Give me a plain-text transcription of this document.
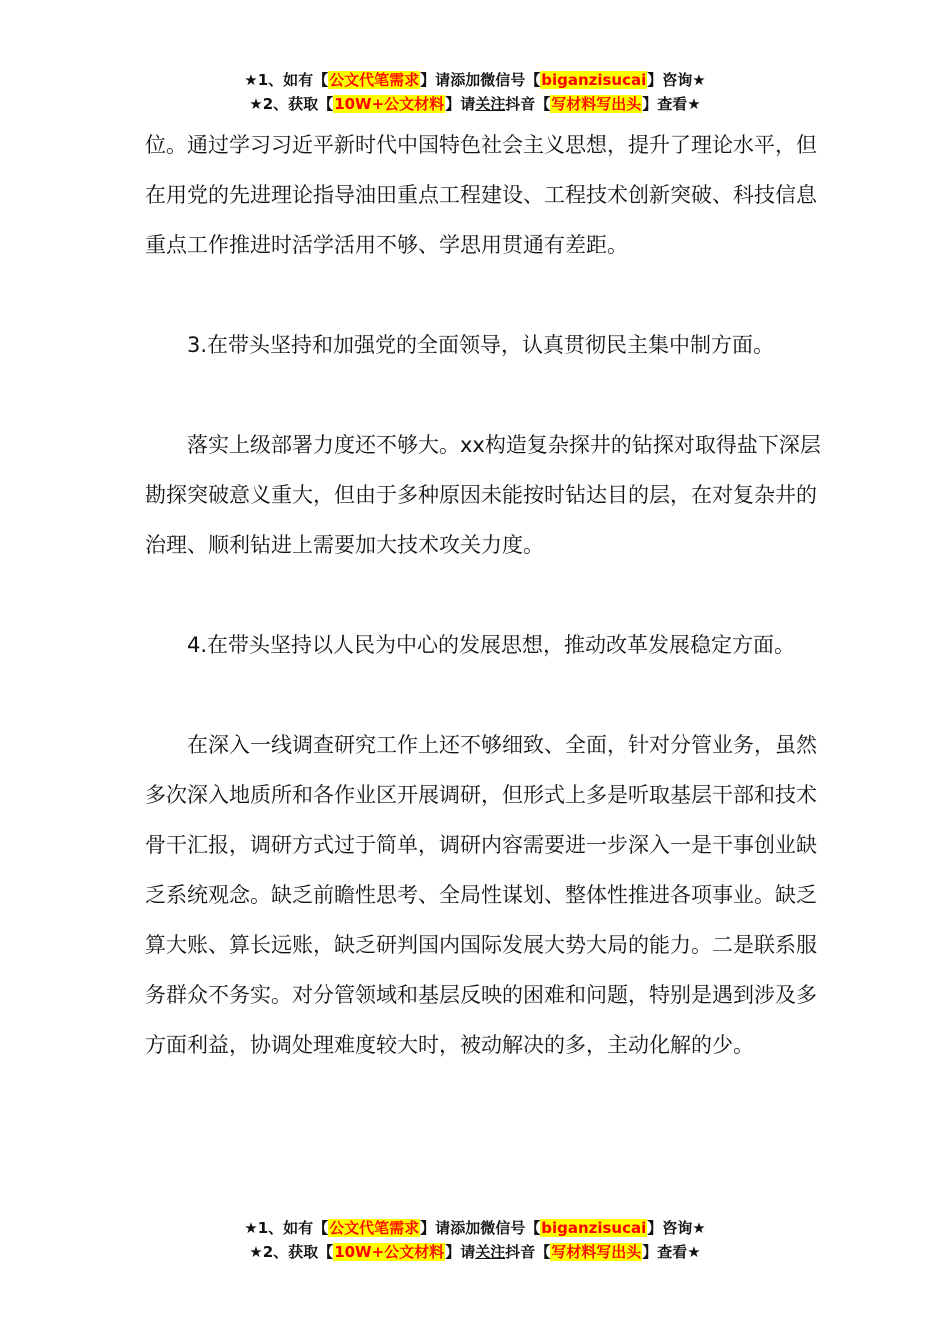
★1、如有【公文代笔需求】请添加微信号【biganzisucai】咨询★
★2、获取【10W+公文材料】请关注抖音【写材料写出头】查看★

位。通过学习习近平新时代中国特色社会主义思想，提升了理论水平，但在用党的先进理论指导油田重点工程建设、工程技术创新突破、科技信息重点工作推进时活学活用不够、学思用贯通有差距。

3.在带头坚持和加强党的全面领导，认真贯彻民主集中制方面。

落实上级部署力度还不够大。xx构造复杂探井的钻探对取得盐下深层勘探突破意义重大，但由于多种原因未能按时钻达目的层，在对复杂井的治理、顺利钻进上需要加大技术攻关力度。

4.在带头坚持以人民为中心的发展思想，推动改革发展稳定方面。

在深入一线调查研究工作上还不够细致、全面，针对分管业务，虽然多次深入地质所和各作业区开展调研，但形式上多是听取基层干部和技术骨干汇报，调研方式过于简单，调研内容需要进一步深入一是干事创业缺乏系统观念。缺乏前瞻性思考、全局性谋划、整体性推进各项事业。缺乏算大账、算长远账，缺乏研判国内国际发展大势大局的能力。二是联系服务群众不务实。对分管领域和基层反映的困难和问题，特别是遇到涉及多方面利益，协调处理难度较大时，被动解决的多，主动化解的少。

★1、如有【公文代笔需求】请添加微信号【biganzisucai】咨询★
★2、获取【10W+公文材料】请关注抖音【写材料写出头】查看★
